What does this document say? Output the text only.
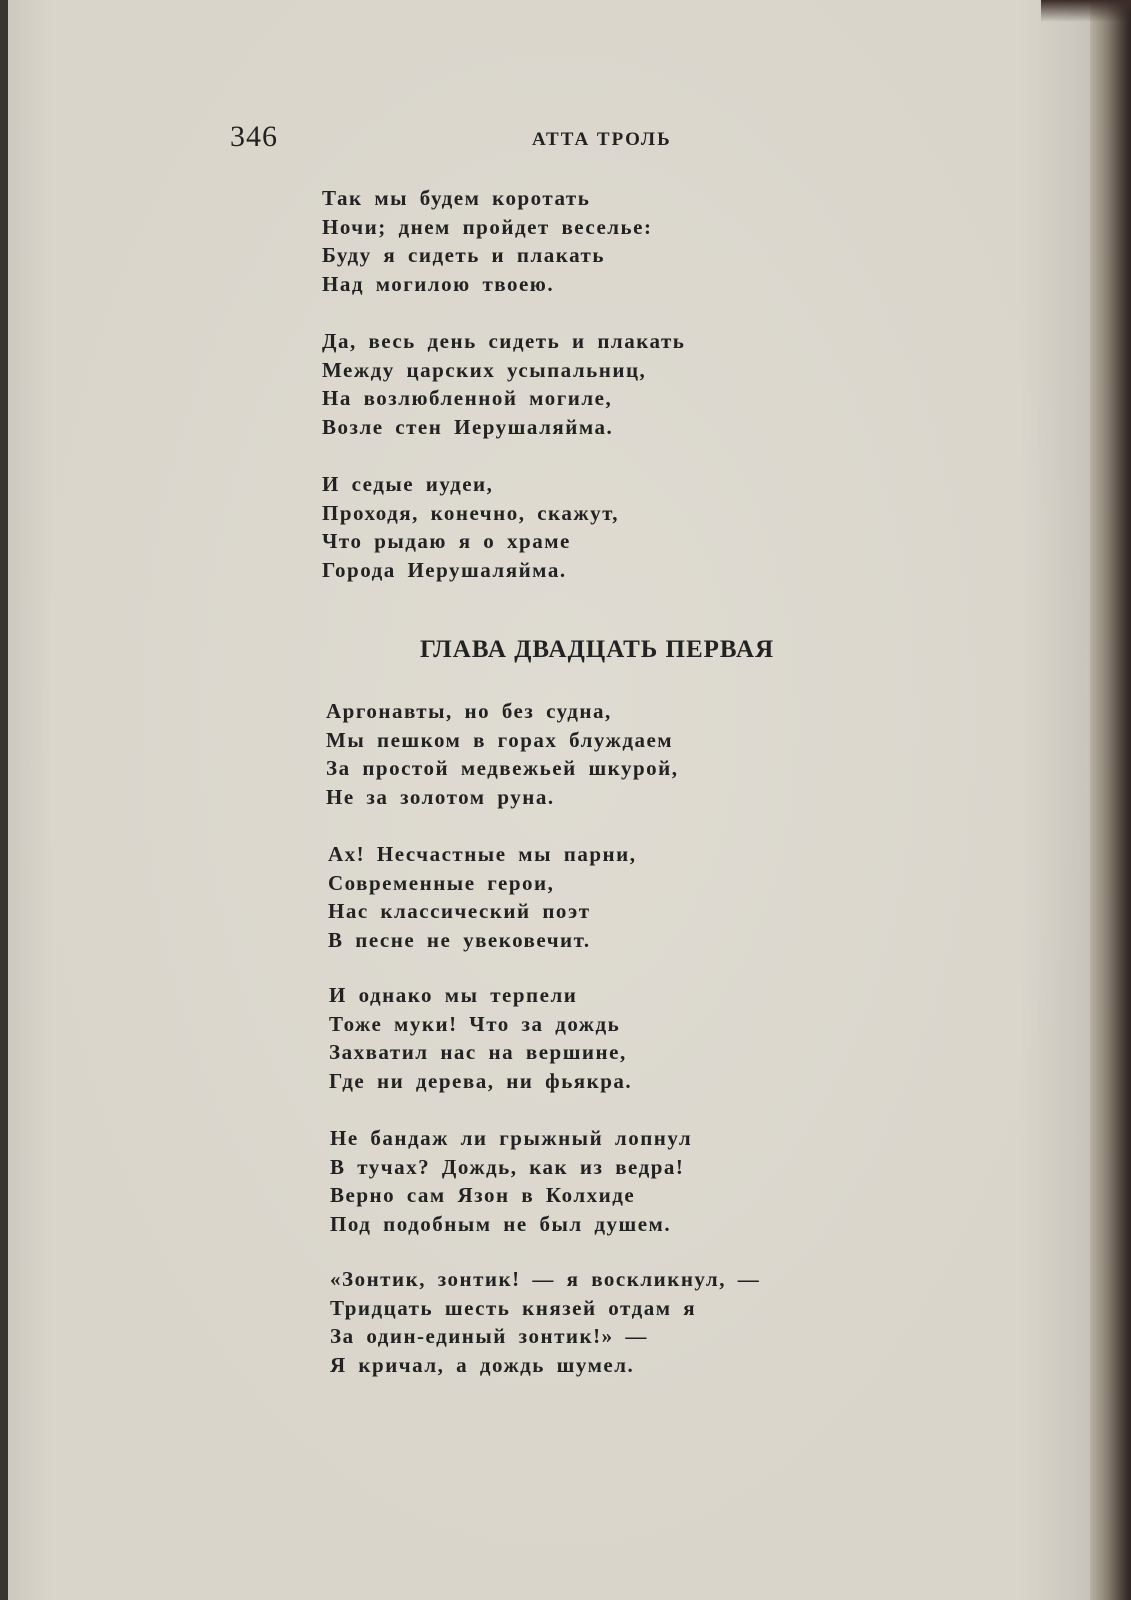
346	АТТА ТРОЛЬ

Так мы будем коротать
Ночи; днем пройдет веселье:
Буду я сидеть и плакать
Над могилою твоею.

Да, весь день сидеть и плакать
Между царских усыпальниц,
На возлюбленной могиле,
Возле стен Иерушаляйма.

И седые иудеи,
Проходя, конечно, скажут,
Что рыдаю я о храме
Города Иерушаляйма.

ГЛАВА ДВАДЦАТЬ ПЕРВАЯ

Аргонавты, но без судна,
Мы пешком в горах блуждаем
За простой медвежьей шкурой,
Не за золотом руна.

Ах! Несчастные мы парни,
Современные герои,
Нас классический поэт
В песне не увековечит.

И однако мы терпели
Тоже муки! Что за дождь
Захватил нас на вершине,
Где ни дерева, ни фьякра.

Не бандаж ли грыжный лопнул
В тучах? Дождь, как из ведра!
Верно сам Язон в Колхиде
Под подобным не был душем.

«Зонтик, зонтик! — я воскликнул, —
Тридцать шесть князей отдам я
За один-единый зонтик!» —
Я кричал, а дождь шумел.
